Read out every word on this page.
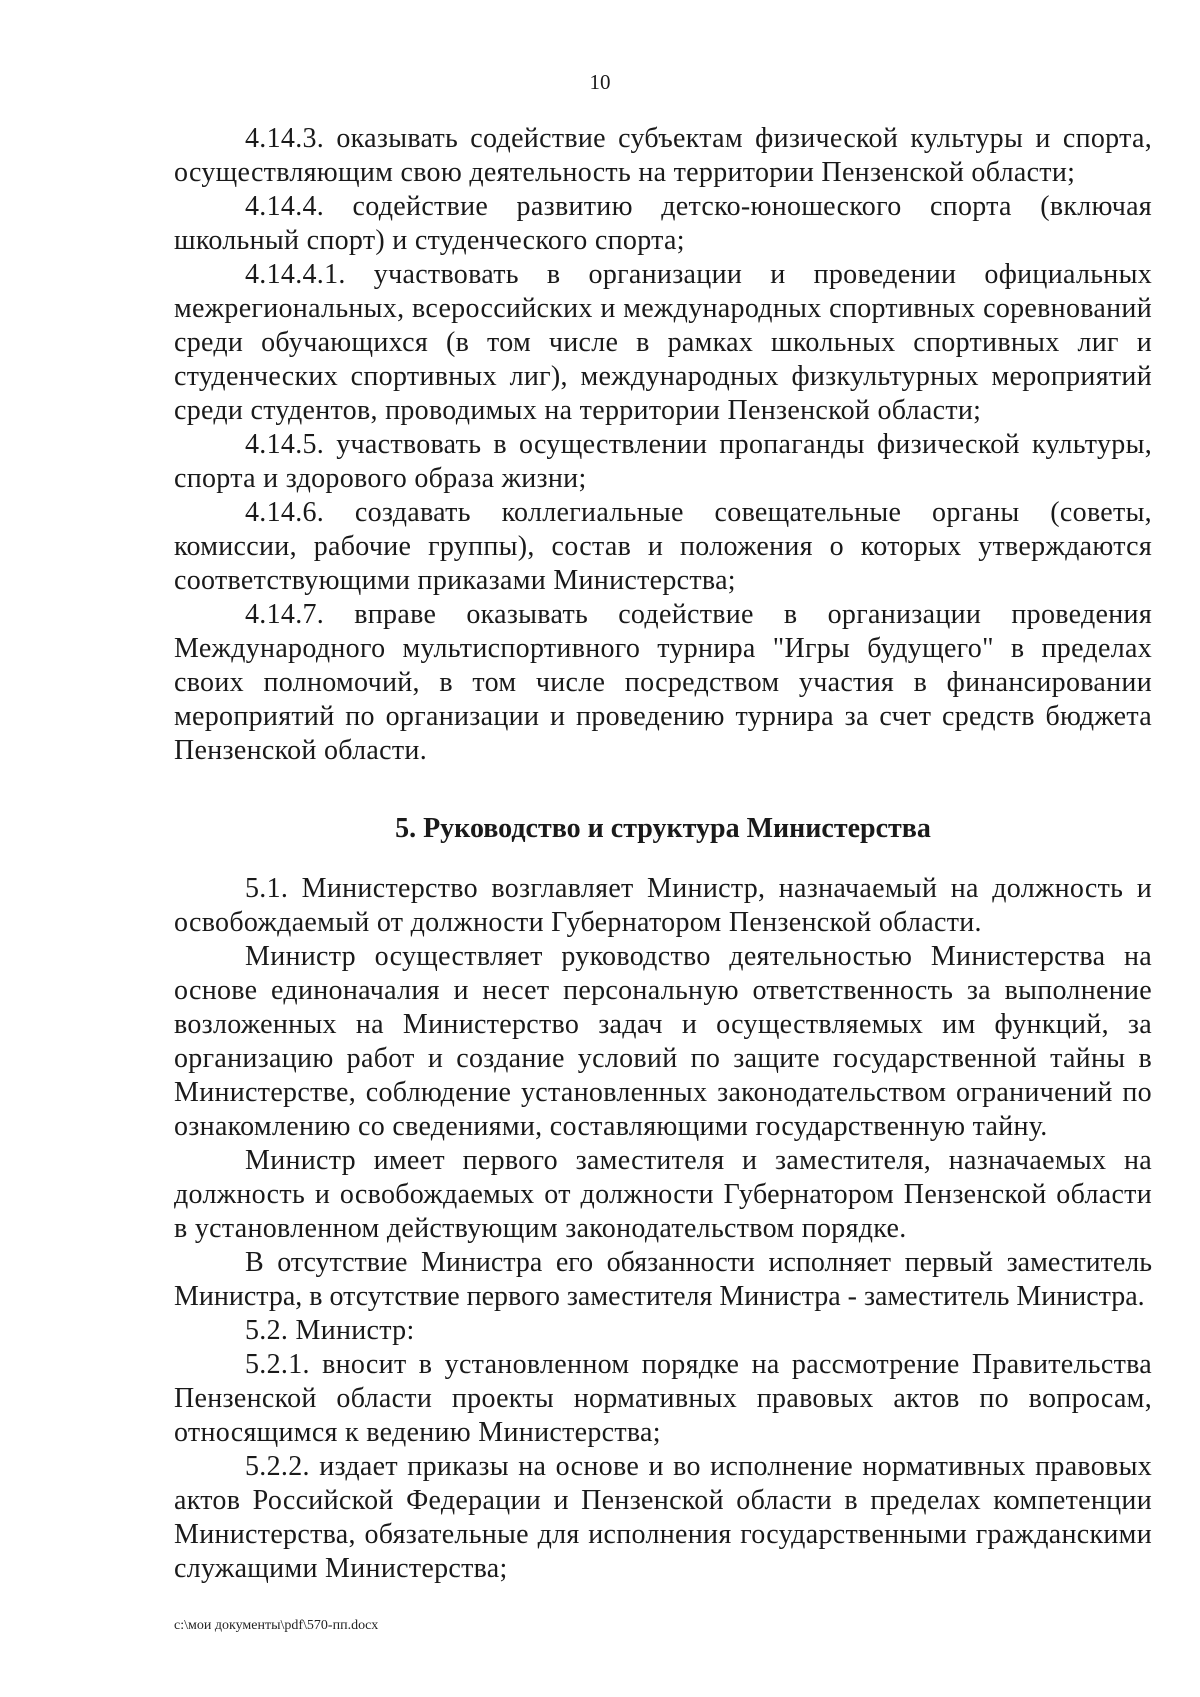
10

4.14.3. оказывать содействие субъектам физической культуры и спорта, осуществляющим свою деятельность на территории Пензенской области;

4.14.4. содействие развитию детско-юношеского спорта (включая школьный спорт) и студенческого спорта;

4.14.4.1. участвовать в организации и проведении официальных межрегиональных, всероссийских и международных спортивных соревнований среди обучающихся (в том числе в рамках школьных спортивных лиг и студенческих спортивных лиг), международных физкультурных мероприятий среди студентов, проводимых на территории Пензенской области;

4.14.5. участвовать в осуществлении пропаганды физической культуры, спорта и здорового образа жизни;

4.14.6. создавать коллегиальные совещательные органы (советы, комиссии, рабочие группы), состав и положения о которых утверждаются соответствующими приказами Министерства;

4.14.7. вправе оказывать содействие в организации проведения Международного мультиспортивного турнира "Игры будущего" в пределах своих полномочий, в том числе посредством участия в финансировании мероприятий по организации и проведению турнира за счет средств бюджета Пензенской области.

5. Руководство и структура Министерства

5.1. Министерство возглавляет Министр, назначаемый на должность и освобождаемый от должности Губернатором Пензенской области.

Министр осуществляет руководство деятельностью Министерства на основе единоначалия и несет персональную ответственность за выполнение возложенных на Министерство задач и осуществляемых им функций, за организацию работ и создание условий по защите государственной тайны в Министерстве, соблюдение установленных законодательством ограничений по ознакомлению со сведениями, составляющими государственную тайну.

Министр имеет первого заместителя и заместителя, назначаемых на должность и освобождаемых от должности Губернатором Пензенской области в установленном действующим законодательством порядке.

В отсутствие Министра его обязанности исполняет первый заместитель Министра, в отсутствие первого заместителя Министра - заместитель Министра.

5.2. Министр:

5.2.1. вносит в установленном порядке на рассмотрение Правительства Пензенской области проекты нормативных правовых актов по вопросам, относящимся к ведению Министерства;

5.2.2. издает приказы на основе и во исполнение нормативных правовых актов Российской Федерации и Пензенской области в пределах компетенции Министерства, обязательные для исполнения государственными гражданскими служащими Министерства;

c:\мои документы\pdf\570-пп.docx
